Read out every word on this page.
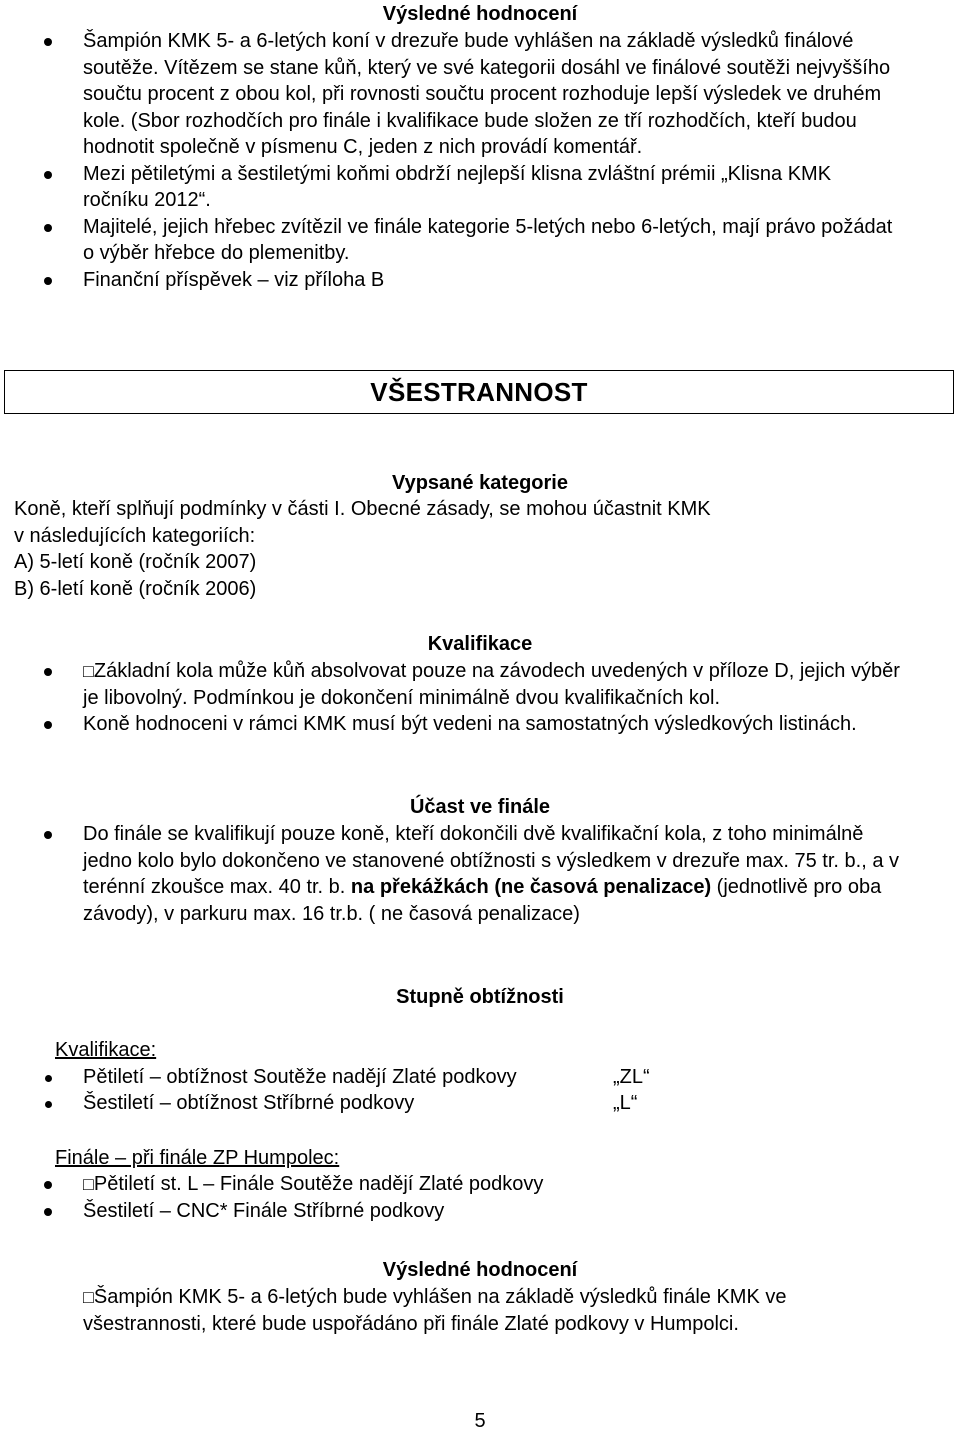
Výsledné hodnocení
Šampión KMK 5- a 6-letých koní v drezuře bude vyhlášen na základě výsledků finálové soutěže. Vítězem se stane kůň, který ve své kategorii dosáhl ve finálové soutěži nejvyššího součtu procent z obou kol, při rovnosti součtu procent rozhoduje lepší výsledek ve druhém kole. (Sbor rozhodčích pro finále i kvalifikace bude složen ze tří rozhodčích, kteří budou hodnotit společně v písmenu C, jeden z nich provádí komentář.
Mezi pětiletými a šestiletými koňmi obdrží nejlepší klisna zvláštní prémii „Klisna KMK ročníku 2012“.
Majitelé, jejich hřebec zvítězil ve finále kategorie 5-letých nebo 6-letých, mají právo požádat o výběr hřebce do plemenitby.
Finanční příspěvek – viz příloha B
VŠESTRANNOST
Vypsané kategorie

Koně, kteří splňují podmínky v části I. Obecné zásady, se mohou účastnit KMK

v následujících kategoriích:

A) 5-letí koně (ročník 2007)

B) 6-letí koně (ročník 2006)

Kvalifikace
□Základní kola může kůň absolvovat pouze na závodech uvedených v příloze D, jejich výběr je libovolný. Podmínkou je dokončení minimálně dvou kvalifikačních kol.
Koně hodnoceni v rámci KMK musí být vedeni na samostatných výsledkových listinách.
Účast ve finále
Do finále se kvalifikují pouze koně, kteří dokončili dvě kvalifikační kola, z toho minimálně jedno kolo bylo dokončeno ve stanovené obtížnosti s výsledkem v drezuře max. 75 tr. b., a v terénní zkoušce max. 40 tr. b. na překážkách (ne časová penalizace) (jednotlivě pro oba závody), v parkuru max. 16 tr.b. ( ne časová penalizace)
Stupně obtížnosti
Kvalifikace:
Pětiletí – obtížnost Soutěže nadějí Zlaté podkovy	„ZL“
Šestiletí – obtížnost Stříbrné podkovy	„L“
Finále – při finále ZP Humpolec:
□Pětiletí st. L – Finále Soutěže nadějí Zlaté podkovy
Šestiletí – CNC* Finále Stříbrné podkovy
Výsledné hodnocení
□Šampión KMK 5- a 6-letých bude vyhlášen na základě výsledků finále KMK ve všestrannosti, které bude uspořádáno při finále Zlaté podkovy v Humpolci.
5
